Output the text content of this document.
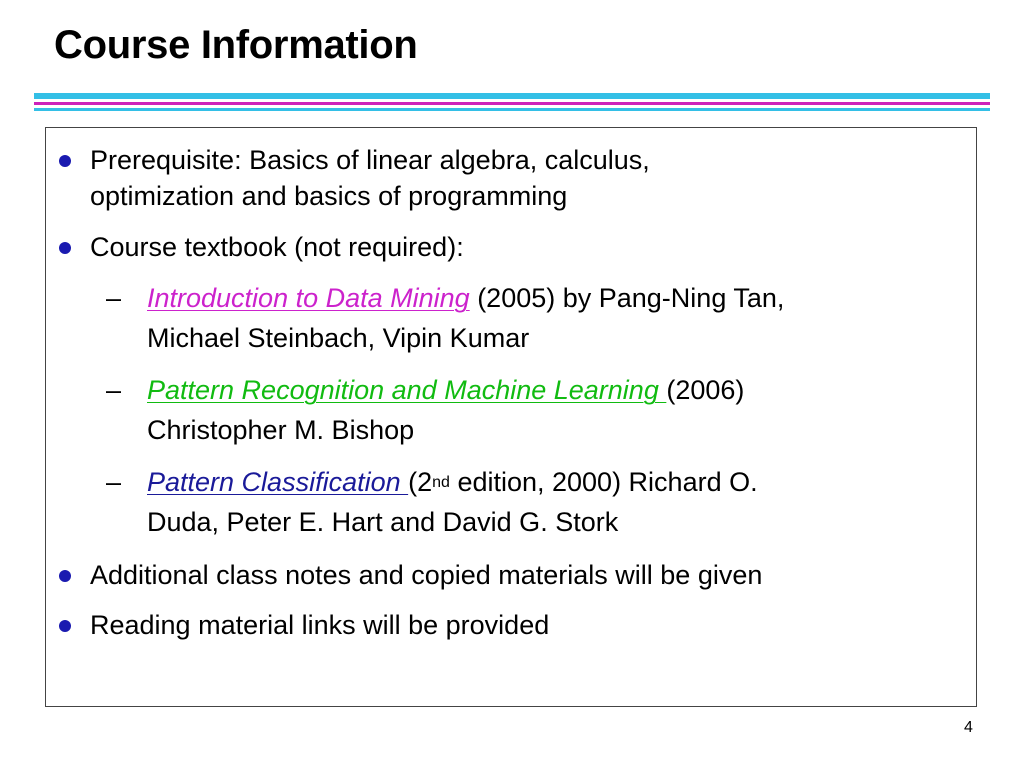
Course Information
Prerequisite: Basics of linear algebra, calculus,
optimization and basics of programming
Course textbook (not required):
– Introduction to Data Mining (2005) by Pang-Ning Tan,
Michael Steinbach, Vipin Kumar
– Pattern Recognition and Machine Learning (2006)
Christopher M. Bishop
– Pattern Classification (2nd edition, 2000) Richard O.
Duda, Peter E. Hart and David G. Stork
Additional class notes and copied materials will be given
Reading material links will be provided
4
